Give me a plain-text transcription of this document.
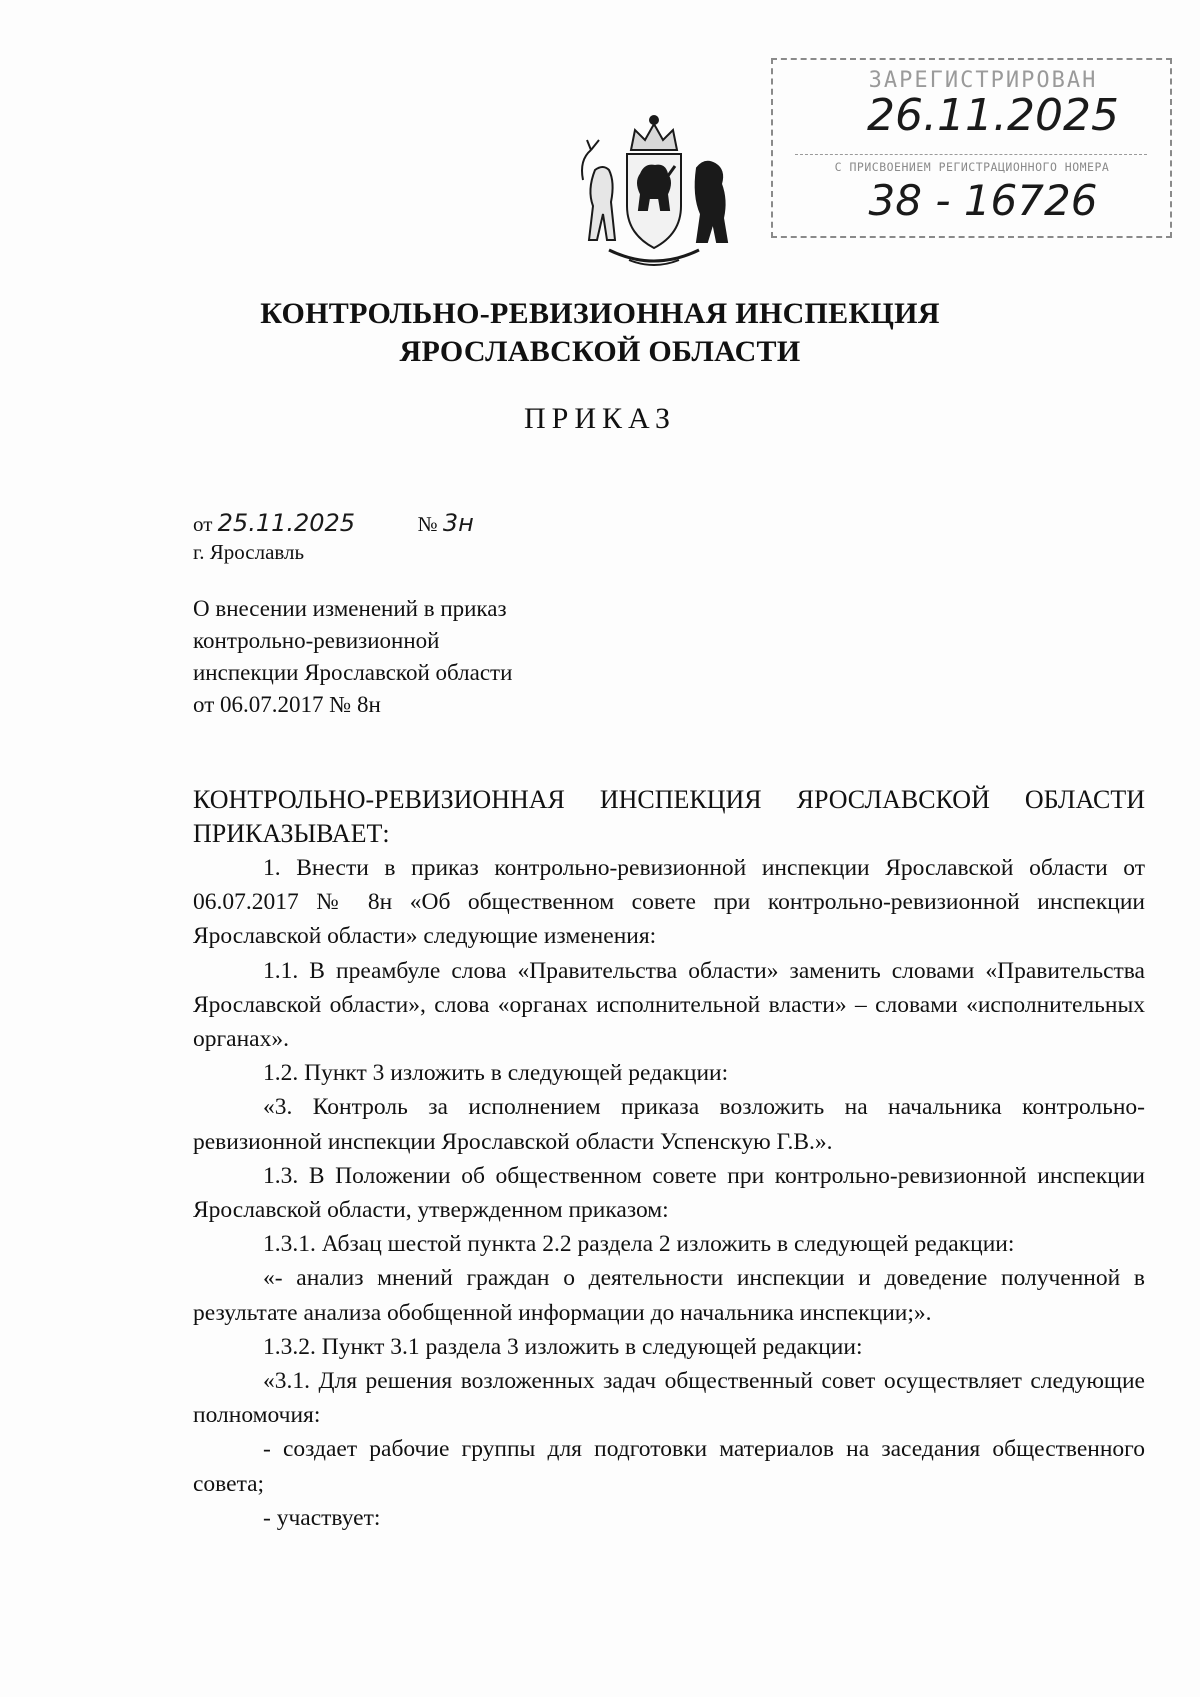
ЗАРЕГИСТРИРОВАН
26.11.2025
С ПРИСВОЕНИЕМ РЕГИСТРАЦИОННОГО НОМЕРА
38 - 16726
КОНТРОЛЬНО-РЕВИЗИОННАЯ ИНСПЕКЦИЯ
ЯРОСЛАВСКОЙ ОБЛАСТИ
ПРИКАЗ
от 25.11.2025	№ 3н
г. Ярославль
О внесении изменений в приказ
контрольно-ревизионной
инспекции Ярославской области
от 06.07.2017 № 8н

КОНТРОЛЬНО-РЕВИЗИОННАЯ ИНСПЕКЦИЯ ЯРОСЛАВСКОЙ ОБЛАСТИ ПРИКАЗЫВАЕТ:

1. Внести в приказ контрольно-ревизионной инспекции Ярославской области от 06.07.2017 № 8н «Об общественном совете при контрольно-ревизионной инспекции Ярославской области» следующие изменения:

1.1. В преамбуле слова «Правительства области» заменить словами «Правительства Ярославской области», слова «органах исполнительной власти» – словами «исполнительных органах».

1.2. Пункт 3 изложить в следующей редакции:

«3. Контроль за исполнением приказа возложить на начальника контрольно-ревизионной инспекции Ярославской области Успенскую Г.В.».

1.3. В Положении об общественном совете при контрольно-ревизионной инспекции Ярославской области, утвержденном приказом:

1.3.1. Абзац шестой пункта 2.2 раздела 2 изложить в следующей редакции:

«- анализ мнений граждан о деятельности инспекции и доведение полученной в результате анализа обобщенной информации до начальника инспекции;».

1.3.2. Пункт 3.1 раздела 3 изложить в следующей редакции:

«3.1. Для решения возложенных задач общественный совет осуществляет следующие полномочия:

- создает рабочие группы для подготовки материалов на заседания общественного совета;

- участвует:
